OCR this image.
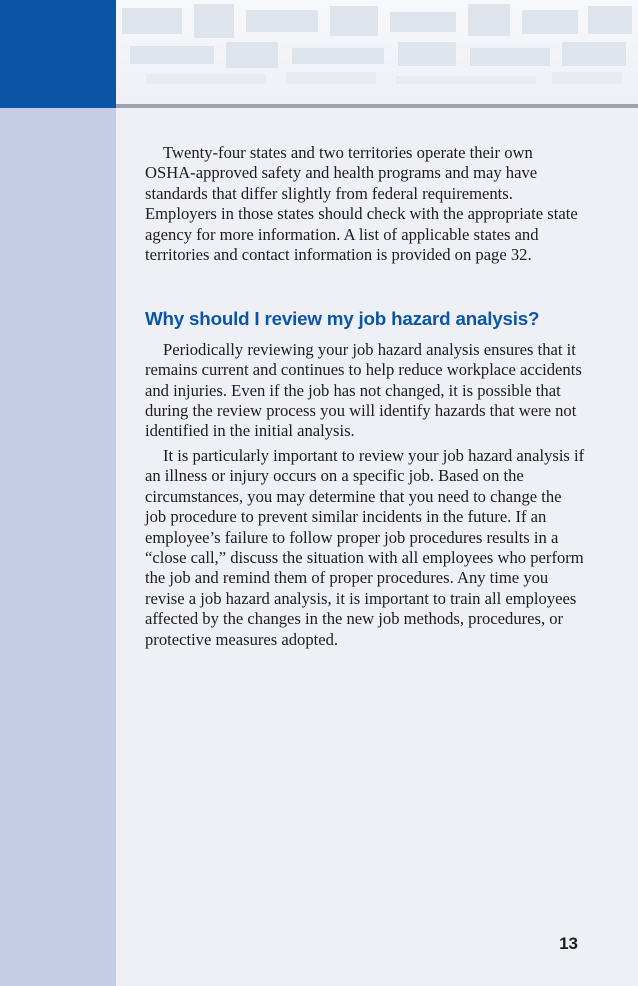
Twenty-four states and two territories operate their own OSHA-approved safety and health programs and may have standards that differ slightly from federal requirements. Employers in those states should check with the appropriate state agency for more information. A list of applicable states and territories and contact information is provided on page 32.

Why should I review my job hazard analysis?

Periodically reviewing your job hazard analysis ensures that it remains current and continues to help reduce workplace accidents and injuries. Even if the job has not changed, it is possible that during the review process you will identify hazards that were not identified in the initial analysis.

It is particularly important to review your job hazard analysis if an illness or injury occurs on a specific job. Based on the circumstances, you may determine that you need to change the job procedure to prevent similar incidents in the future. If an employee’s failure to follow proper job procedures results in a “close call,” discuss the situation with all employees who perform the job and remind them of proper procedures. Any time you revise a job hazard analysis, it is important to train all employees affected by the changes in the new job methods, procedures, or protective measures adopted.

13
